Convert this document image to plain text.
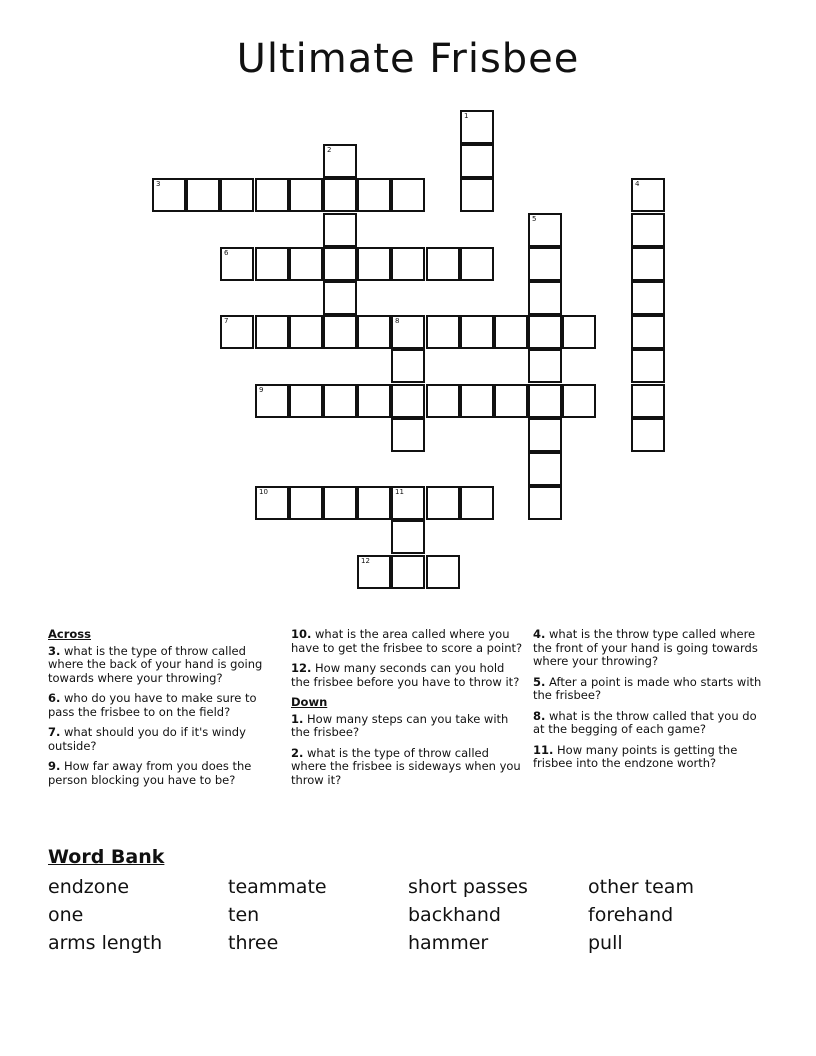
Ultimate Frisbee
1
2
3	4
5
6
7	8
9
10	11
12
Across
3. what is the type of throw called where the back of your hand is going towards where your throwing?
6. who do you have to make sure to pass the frisbee to on the field?
7. what should you do if it's windy outside?
9. How far away from you does the person blocking you have to be?
10. what is the area called where you have to get the frisbee to score a point?
12. How many seconds can you hold the frisbee before you have to throw it?
Down
1. How many steps can you take with the frisbee?
2. what is the type of throw called where the frisbee is sideways when you throw it?
4. what is the throw type called where the front of your hand is going towards where your throwing?
5. After a point is made who starts with the frisbee?
8. what is the throw called that you do at the begging of each game?
11. How many points is getting the frisbee into the endzone worth?
Word Bank
endzone	teammate	short passes	other team
one	ten	backhand	forehand
arms length	three	hammer	pull
